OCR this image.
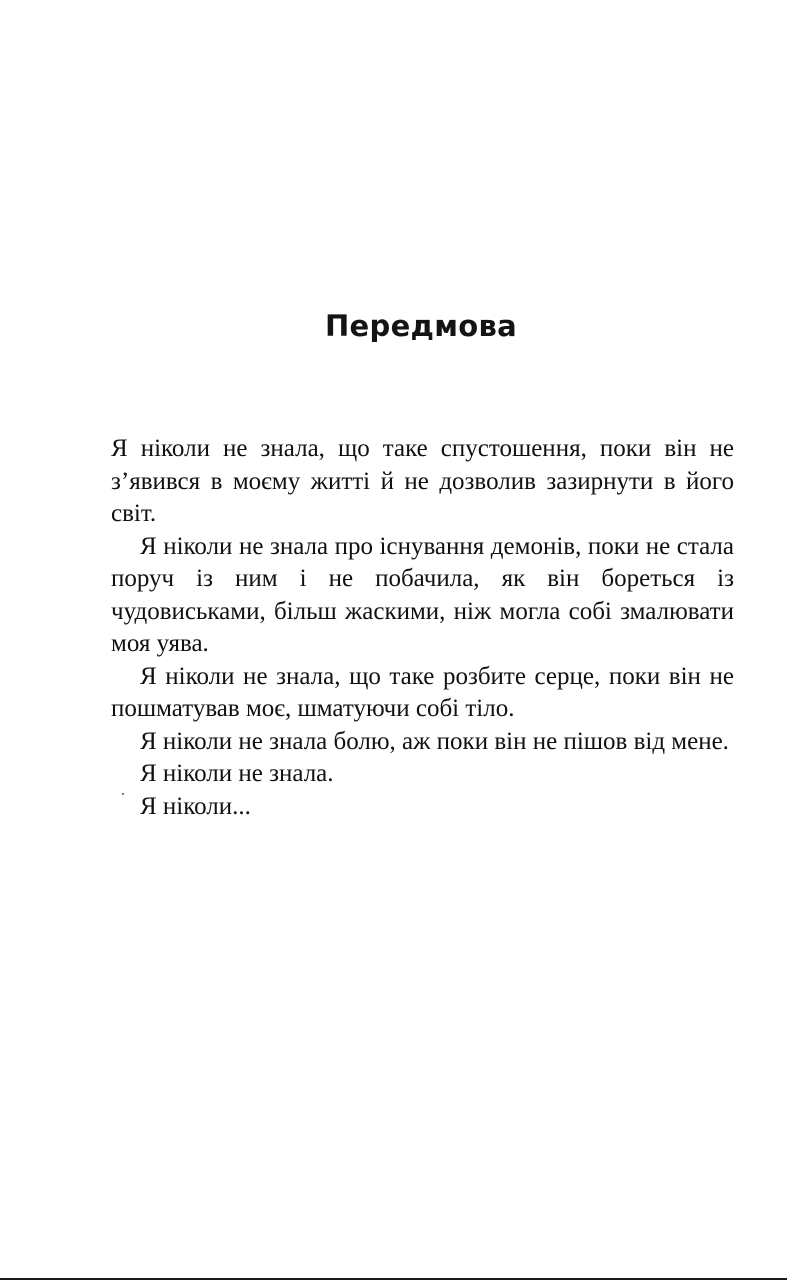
Передмова

Я ніколи не знала, що таке спустошення, поки він не з’явився в моєму житті й не дозволив зазирнути в його світ.

Я ніколи не знала про існування демонів, поки не стала поруч із ним і не побачила, як він бореться із чудовиськами, більш жаскими, ніж могла собі змалювати моя уява.

Я ніколи не знала, що таке розбите серце, поки він не пошматував моє, шматуючи собі тіло.

Я ніколи не знала болю, аж поки він не пішов від мене.

Я ніколи не знала.

Я ніколи...
